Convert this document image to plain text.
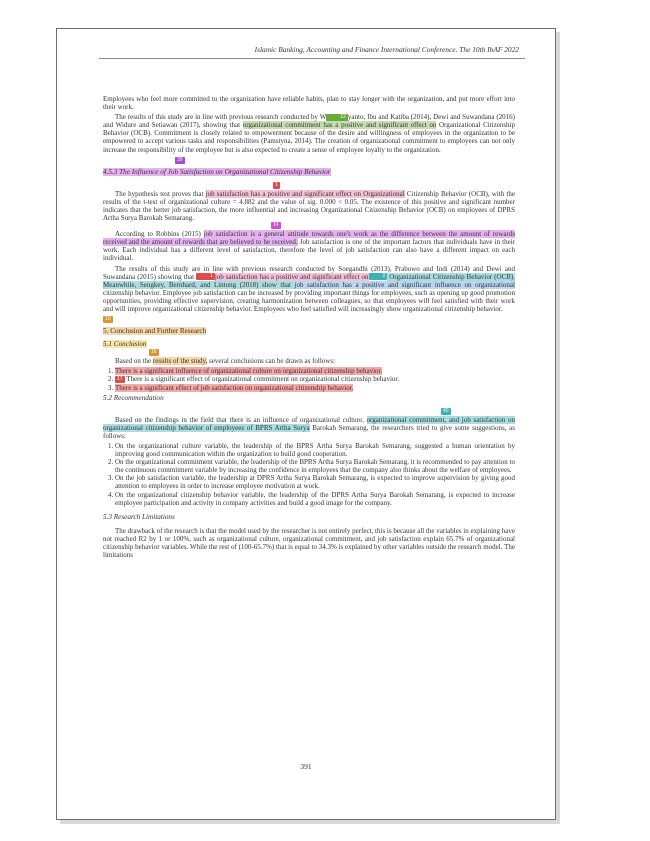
Islamic Banking, Accounting and Finance International Conference. The 10th IbAF 2022

Employees who feel more committed to the organization have reliable habits, plan to stay longer with the organization, and put more effort into their work.

The results of this study are in line with previous research conducted by W	12 yanto, Ibu and Katiba (2014), Dewi and Suwandana (2016) and Widure and Setiawan (2017), showing that organizational commitment has a positive and significant effect on Organizational Citizenship Behavior (OCB). Commitment is closely related to empowerment because of the desire and willingness of employees in the organization to be empowered to accept various tasks and responsibilities (Pamstyna, 2014). The creation of organizational commitment to employees can not only increase the responsibility of the employee but is also expected to create a sense of employee loyalty to the organization.

39
4.5.3 The Influence of Job Satisfaction on Organizational Citizenship Behavior
1

The hypothesis test proves that job satisfaction has a positive and significant effect on Organizational Citizenship Behavior (OCB), with the results of the t-test of organizational culture = 4.882 and the value of sig. 0.000 < 0.05. The existence of this positive and significant number indicates that the better job satisfaction, the more influential and increasing Organizational Citizenship Behavior (OCB) on employees of DPRS Artha Surya Barokah Semarang.

14

According to Robbins (2015) job satisfaction is a general attitude towards one's work as the difference between the amount of rewards received and the amount of rewards that are believed to be received. Job satisfaction is one of the important factors that individuals have in their work. Each individual has a different level of satisfaction, therefore the level of job satisfaction can also have a different impact on each individual.

The results of this study are in line with previous research conducted by Soegandhi (2013), Prabowo and Indi (2014) and Dewi and Suwandana (2015) showing that	1 job satisfaction has a positive and significant effect on	2 Organizational Citizenship Behavior (OCB). Meanwhile, Sengkey, Bernhard, and Lintong (2018) show that job satisfaction has a positive and significant influence on organizational citizenship behavior. Employee job satisfaction can be increased by providing important things for employees, such as opening up good promotion opportunities, providing effective supervision, creating harmonization between colleagues, so that employees will feel satisfied with their work and will improve organizational citizenship behavior. Employees who feel satisfied will increasingly show organizational citizenship behavior.

10
5. Conclusion and Further Research
5.1 Conclusion
16

Based on the results of the study, several conclusions can be drawn as follows:

1. There is a significant influence of organizational culture on organizational citizenship behavior.
2. 17 There is a significant effect of organizational commitment on organizational citizenship behavior.
3. There is a significant effect of job satisfaction on organizational citizenship behavior.
5.2 Recommendation
40

Based on the findings in the field that there is an influence of organizational culture, organizational commitment, and job satisfaction on organizational citizenship behavior of employees of BPRS Artha Surya Barokah Semarang, the researchers tried to give some suggestions, as follows:

1. On the organizational culture variable, the leadership of the BPRS Artha Surya Barokah Semarang, suggested a human orientation by improving good communication within the organization to build good cooperation.
2. On the organizational commitment variable, the leadership of the BPRS Artha Surya Barokah Semarang, it is recommended to pay attention to the continuous commitment variable by increasing the confidence in employees that the company also thinks about the welfare of employees.
3. On the job satisfaction variable, the leadership at DPRS Artha Surya Barokah Semarang, is expected to improve supervision by giving good attention to employees in order to increase employee motivation at work.
4. On the organizational citizenship behavior variable, the leadership of the DPRS Artha Surya Barokah Semarang, is expected to increase employee participation and activity in company activities and build a good image for the company.
5.3 Research Limitations

The drawback of the research is that the model used by the researcher is not entirely perfect, this is because all the variables in explaining have not reached R2 by 1 or 100%, such as organizational culture, organizational commitment, and job satisfaction explain 65.7% of organizational citizenship behavior variables. While the rest of (100-65.7%) that is equal to 34.3% is explained by other variables outside the research model. The limitations

391
